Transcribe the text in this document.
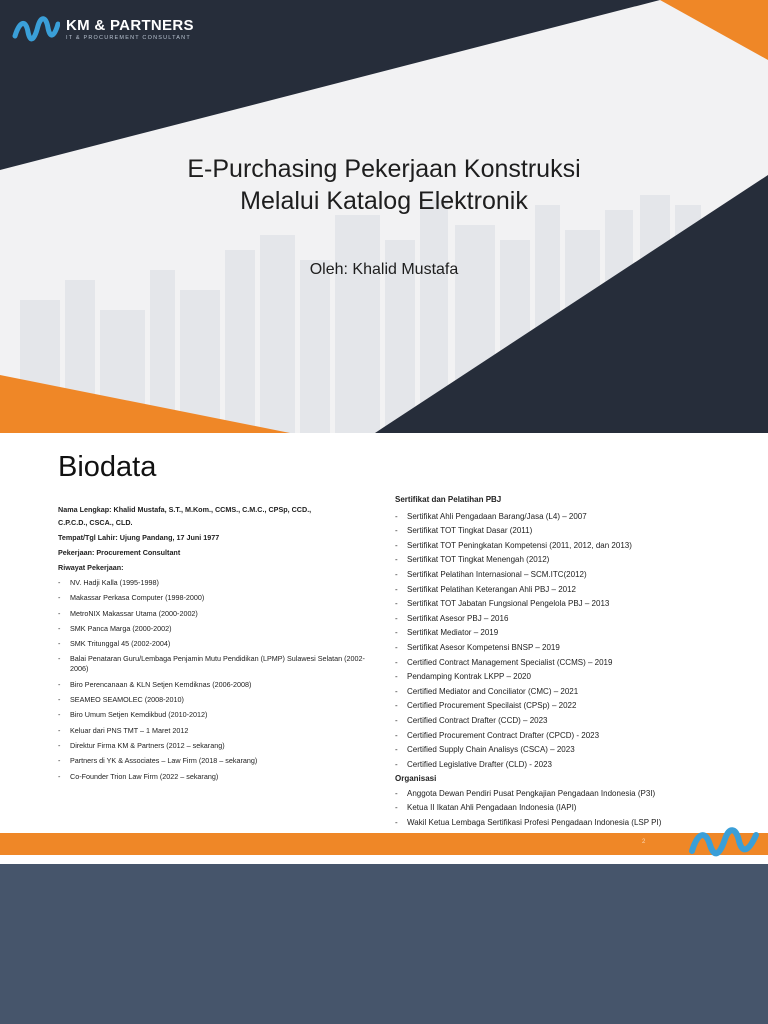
KM & PARTNERS
IT & PROCUREMENT CONSULTANT
E-Purchasing Pekerjaan Konstruksi
Melalui Katalog Elektronik
Oleh: Khalid Mustafa
Biodata
Nama Lengkap: Khalid Mustafa, S.T., M.Kom., CCMS., C.M.C., CPSp, CCD.,
C.P.C.D., CSCA., CLD.
Tempat/Tgl Lahir: Ujung Pandang, 17 Juni 1977
Pekerjaan: Procurement Consultant
Riwayat Pekerjaan:
- NV. Hadji Kalla (1995-1998)
- Makassar Perkasa Computer (1998-2000)
- MetroNIX Makassar Utama (2000-2002)
- SMK Panca Marga (2000-2002)
- SMK Tritunggal 45 (2002-2004)
- Balai Penataran Guru/Lembaga Penjamin Mutu Pendidikan (LPMP) Sulawesi Selatan (2002-2006)
- Biro Perencanaan & KLN Setjen Kemdiknas (2006-2008)
- SEAMEO SEAMOLEC (2008-2010)
- Biro Umum Setjen Kemdikbud (2010-2012)
- Keluar dari PNS TMT – 1 Maret 2012
- Direktur Firma KM & Partners (2012 – sekarang)
- Partners di YK & Associates – Law Firm (2018 – sekarang)
- Co-Founder Trion Law Firm (2022 – sekarang)
Sertifikat dan Pelatihan PBJ
- Sertifikat Ahli Pengadaan Barang/Jasa (L4) – 2007
- Sertifikat TOT Tingkat Dasar (2011)
- Sertifikat TOT Peningkatan Kompetensi (2011, 2012, dan 2013)
- Sertifikat TOT Tingkat Menengah (2012)
- Sertifikat Pelatihan Internasional – SCM.ITC(2012)
- Sertifikat Pelatihan Keterangan Ahli PBJ – 2012
- Sertifikat TOT Jabatan Fungsional Pengelola PBJ – 2013
- Sertifikat Asesor PBJ – 2016
- Sertifikat Mediator – 2019
- Sertifikat Asesor Kompetensi BNSP – 2019
- Certified Contract Management Specialist (CCMS) – 2019
- Pendamping Kontrak LKPP – 2020
- Certified Mediator and Conciliator (CMC) – 2021
- Certified Procurement Specilaist (CPSp) – 2022
- Certified Contract Drafter (CCD) – 2023
- Certified Procurement Contract Drafter (CPCD) - 2023
- Certified Supply Chain Analisys (CSCA) – 2023
- Certified Legislative Drafter (CLD) - 2023
Organisasi
- Anggota Dewan Pendiri Pusat Pengkajian Pengadaan Indonesia (P3I)
- Ketua II Ikatan Ahli Pengadaan Indonesia (IAPI)
- Wakil Ketua Lembaga Sertifikasi Profesi Pengadaan Indonesia (LSP PI)
2
